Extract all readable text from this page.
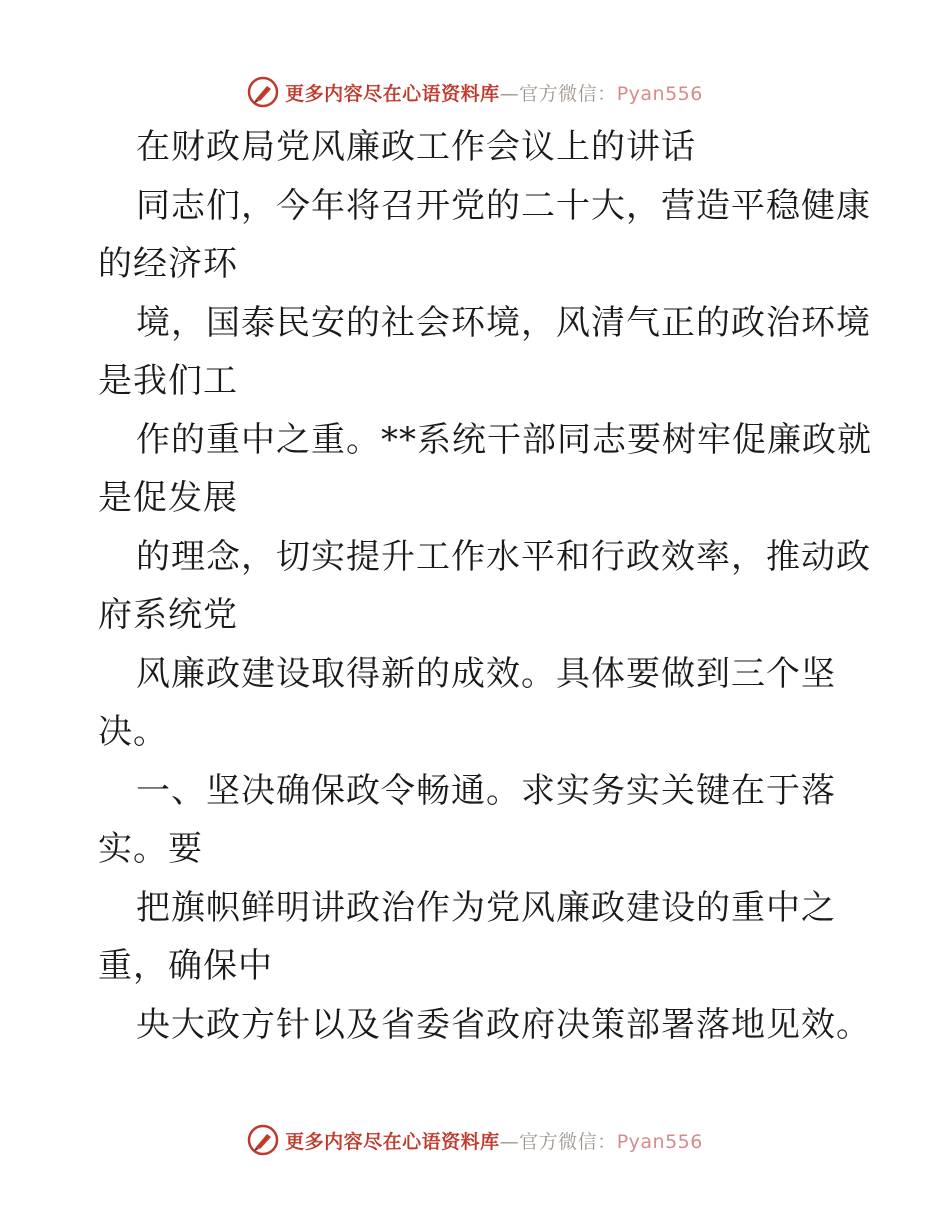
更多内容尽在心语资料库—官方微信：Pyan556
在财政局党风廉政工作会议上的讲话
同志们，今年将召开党的二十大，营造平稳健康
的经济环
境，国泰民安的社会环境，风清气正的政治环境
是我们工
作的重中之重。**系统干部同志要树牢促廉政就
是促发展
的理念，切实提升工作水平和行政效率，推动政
府系统党
风廉政建设取得新的成效。具体要做到三个坚
决。
一、坚决确保政令畅通。求实务实关键在于落
实。要
把旗帜鲜明讲政治作为党风廉政建设的重中之
重，确保中
央大政方针以及省委省政府决策部署落地见效。
更多内容尽在心语资料库—官方微信：Pyan556
